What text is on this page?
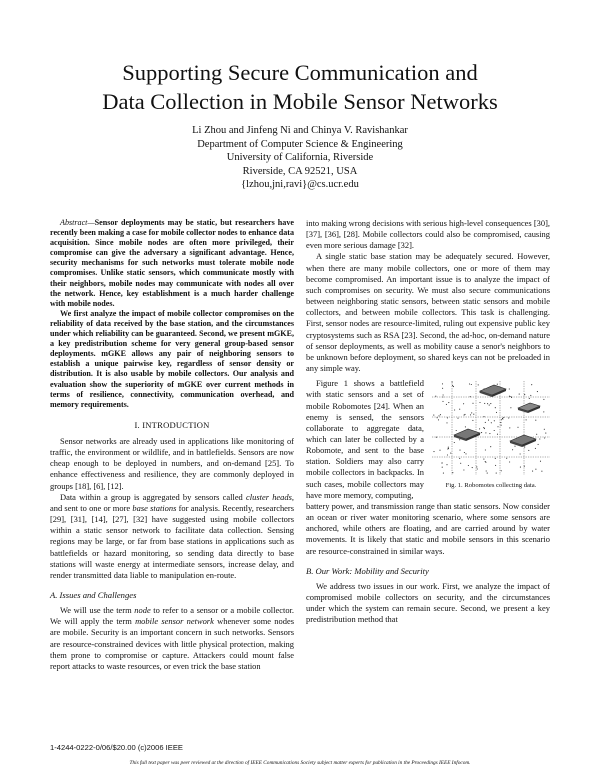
Supporting Secure Communication and
Data Collection in Mobile Sensor Networks
Li Zhou and Jinfeng Ni and Chinya V. Ravishankar
Department of Computer Science & Engineering
University of California, Riverside
Riverside, CA 92521, USA
{lzhou,jni,ravi}@cs.ucr.edu

Abstract—Sensor deployments may be static, but researchers have recently been making a case for mobile collector nodes to enhance data acquisition. Since mobile nodes are often more privileged, their compromise can give the adversary a significant advantage. Hence, security mechanisms for such networks must tolerate mobile node compromises. Unlike static sensors, which communicate mostly with their neighbors, mobile nodes may communicate with nodes all over the network. Hence, key establishment is a much harder challenge with mobile nodes.

We first analyze the impact of mobile collector compromises on the reliability of data received by the base station, and the circumstances under which reliability can be guaranteed. Second, we present mGKE, a key predistribution scheme for very general group-based sensor deployments. mGKE allows any pair of neighboring sensors to establish a unique pairwise key, regardless of sensor density or distribution. It is also usable by mobile collectors. Our analysis and evaluation show the superiority of mGKE over current methods in terms of resilience, connectivity, communication overhead, and memory requirements.

I. INTRODUCTION

Sensor networks are already used in applications like monitoring of traffic, the environment or wildlife, and in battlefields. Sensors are now cheap enough to be deployed in numbers, and on-demand [25]. To enhance effectiveness and resilience, they are commonly deployed in groups [18], [6], [12].

Data within a group is aggregated by sensors called cluster heads, and sent to one or more base stations for analysis. Recently, researchers [29], [31], [14], [27], [32] have suggested using mobile collectors within a static sensor network to facilitate data collection. Sensing regions may be large, or far from base stations in applications such as battlefields or hazard monitoring, so sending data directly to base stations will waste energy at intermediate sensors, increase delay, and render transmitted data liable to manipulation en-route.

A. Issues and Challenges

We will use the term node to refer to a sensor or a mobile collector. We will apply the term mobile sensor network whenever some nodes are mobile. Security is an important concern in such networks. Sensors are resource-constrained devices with little physical protection, making them prone to compromise or capture. Attackers could mount false report attacks to waste resources, or even trick the base station

into making wrong decisions with serious high-level consequences [30], [37], [36], [28]. Mobile collectors could also be compromised, causing even more serious damage [32].

A single static base station may be adequately secured. However, when there are many mobile collectors, one or more of them may become compromised. An important issue is to analyze the impact of such compromises on security. We must also secure communications between neighboring static sensors, between static sensors and mobile collectors, and between mobile collectors. This task is challenging. First, sensor nodes are resource-limited, ruling out expensive public key cryptosystems such as RSA [23]. Second, the ad-hoc, on-demand nature of sensor deployments, as well as mobility cause a senor's neighbors to be unknown before deployment, so shared keys can not be preloaded in any simple way.

Figure 1 shows a battlefield with static sensors and a set of mobile Robomotes [24]. When an enemy is sensed, the sensors collaborate to aggregate data, which can later be collected by a Robomote, and sent to the base station. Soldiers may also carry mobile collectors in backpacks. In such cases, mobile collectors may have more memory, computing,

Fig. 1. Robomotes collecting data.

battery power, and transmission range than static sensors. Now consider an ocean or river water monitoring scenario, where some sensors are anchored, while others are floating, and are carried around by water movements. It is likely that static and mobile sensors in this scenario are resource-constrained in similar ways.

B. Our Work: Mobility and Security

We address two issues in our work. First, we analyze the impact of compromised mobile collectors on security, and the circumstances under which the system can remain secure. Second, we present a key predistribution method that

1-4244-0222-0/06/$20.00 (c)2006 IEEE
This full text paper was peer reviewed at the direction of IEEE Communications Society subject matter experts for publication in the Proceedings IEEE Infocom.
